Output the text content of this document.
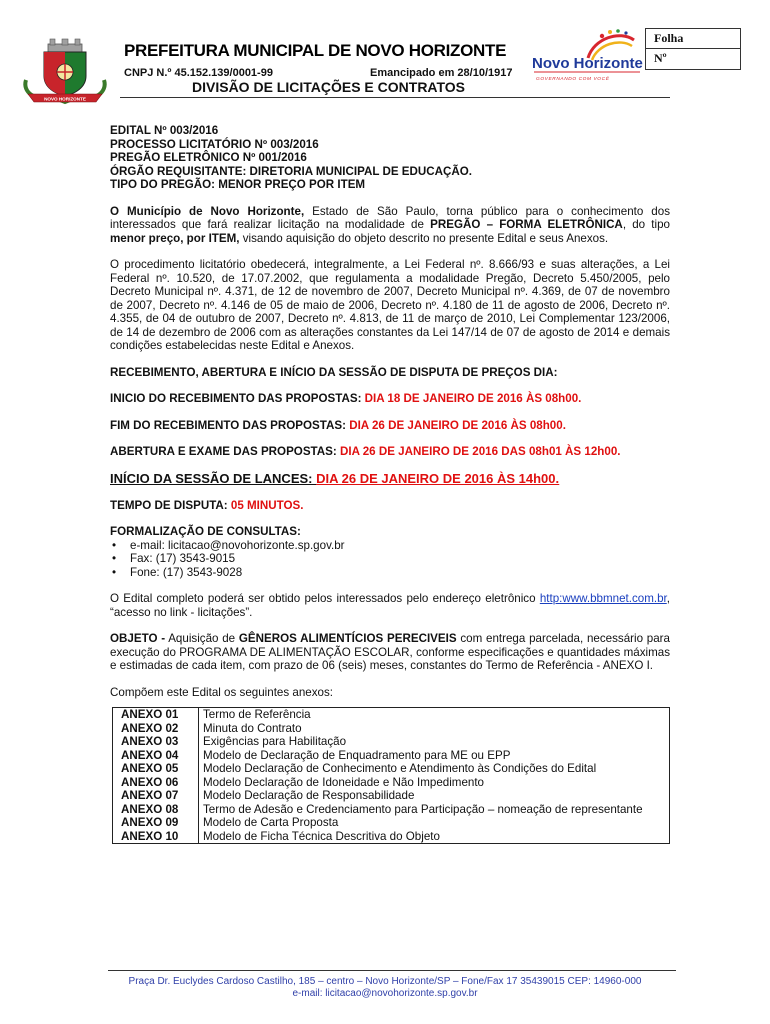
NOVO HORIZONTE
PREFEITURA MUNICIPAL DE NOVO HORIZONTE
CNPJ N.º 45.152.139/0001-99	Emancipado em 28/10/1917
DIVISÃO DE LICITAÇÕES E CONTRATOS
Novo Horizonte
GOVERNANDO COM VOCÊ
Folha
Nº
EDITAL Nº 003/2016
PROCESSO LICITATÓRIO Nº 003/2016
PREGÃO ELETRÔNICO Nº 001/2016
ÓRGÃO REQUISITANTE: DIRETORIA MUNICIPAL DE EDUCAÇÃO.
TIPO DO PREGÃO: MENOR PREÇO POR ITEM

O Município de Novo Horizonte, Estado de São Paulo, torna público para o conhecimento dos interessados que fará realizar licitação na modalidade de PREGÃO – FORMA ELETRÔNICA, do tipo menor preço, por ITEM, visando aquisição do objeto descrito no presente Edital e seus Anexos.

O procedimento licitatório obedecerá, integralmente, a Lei Federal nº. 8.666/93 e suas alterações, a Lei Federal nº. 10.520, de 17.07.2002, que regulamenta a modalidade Pregão, Decreto 5.450/2005, pelo Decreto Municipal nº. 4.371, de 12 de novembro de 2007, Decreto Municipal nº. 4.369, de 07 de novembro de 2007, Decreto nº. 4.146 de 05 de maio de 2006, Decreto nº. 4.180 de 11 de agosto de 2006, Decreto nº. 4.355, de 04 de outubro de 2007, Decreto nº. 4.813, de 11 de março de 2010, Lei Complementar 123/2006, de 14 de dezembro de 2006 com as alterações constantes da Lei 147/14 de 07 de agosto de 2014 e demais condições estabelecidas neste Edital e Anexos.

RECEBIMENTO, ABERTURA E INÍCIO DA SESSÃO DE DISPUTA DE PREÇOS DIA:

INICIO DO RECEBIMENTO DAS PROPOSTAS: DIA 18 DE JANEIRO DE 2016 ÀS 08h00.

FIM DO RECEBIMENTO DAS PROPOSTAS: DIA 26 DE JANEIRO DE 2016 ÀS 08h00.

ABERTURA E EXAME DAS PROPOSTAS: DIA 26 DE JANEIRO DE 2016 DAS 08h01 ÀS 12h00.

INÍCIO DA SESSÃO DE LANCES: DIA 26 DE JANEIRO DE 2016 ÀS 14h00.

TEMPO DE DISPUTA: 05 MINUTOS.

FORMALIZAÇÃO DE CONSULTAS:

• e-mail: licitacao@novohorizonte.sp.gov.br
• Fax: (17) 3543-9015
• Fone: (17) 3543-9028

O Edital completo poderá ser obtido pelos interessados pelo endereço eletrônico http:www.bbmnet.com.br, “acesso no link - licitações”.

OBJETO - Aquisição de GÊNEROS ALIMENTÍCIOS PERECIVEIS com entrega parcelada, necessário para execução do PROGRAMA DE ALIMENTAÇÃO ESCOLAR, conforme especificações e quantidades máximas e estimadas de cada item, com prazo de 06 (seis) meses, constantes do Termo de Referência - ANEXO I.

Compõem este Edital os seguintes anexos:

ANEXO 01	Termo de Referência
ANEXO 02	Minuta do Contrato
ANEXO 03	Exigências para Habilitação
ANEXO 04	Modelo de Declaração de Enquadramento para ME ou EPP
ANEXO 05	Modelo Declaração de Conhecimento e Atendimento às Condições do Edital
ANEXO 06	Modelo Declaração de Idoneidade e Não Impedimento
ANEXO 07	Modelo Declaração de Responsabilidade
ANEXO 08	Termo de Adesão e Credenciamento para Participação – nomeação de representante
ANEXO 09	Modelo de Carta Proposta
ANEXO 10	Modelo de Ficha Técnica Descritiva do Objeto
Praça Dr. Euclydes Cardoso Castilho, 185 – centro – Novo Horizonte/SP – Fone/Fax 17 35439015 CEP: 14960-000
e-mail: licitacao@novohorizonte.sp.gov.br
